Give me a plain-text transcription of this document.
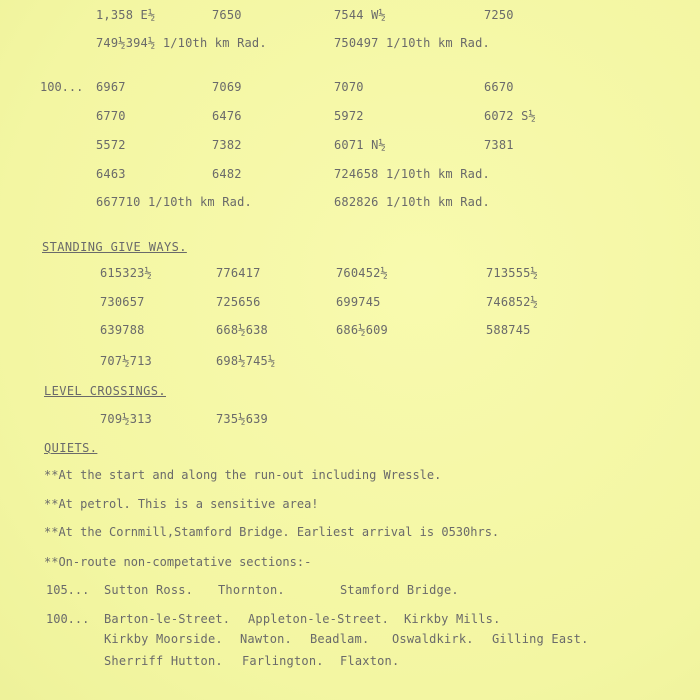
1,358 E½	7650	7544 W½	7250
749½394½ 1/10th km Rad.	750497 1/10th km Rad.
100... 6967	7069	7070	6670
6770	6476	5972	6072 S½
5572	7382	6071 N½	7381
6463	6482	724658 1/10th km Rad.
667710 1/10th km Rad.	682826 1/10th km Rad.
STANDING GIVE WAYS.
615323½	776417	760452½	713555½
730657	725656	699745	746852½
639788	668½638	686½609	588745
707½713	698½745½
LEVEL CROSSINGS.
709½313	735½639
QUIETS.
**At the start and along the run-out including Wressle.
**At petrol. This is a sensitive area!
**At the Cornmill,Stamford Bridge. Earliest arrival is 0530hrs.
**On-route non-competative sections:-
105... Sutton Ross. Thornton.	Stamford Bridge.
100... Barton-le-Street. Appleton-le-Street. Kirkby Mills.
Kirkby Moorside. Nawton. Beadlam. Oswaldkirk. Gilling East.
Sherriff Hutton. Farlington. Flaxton.
